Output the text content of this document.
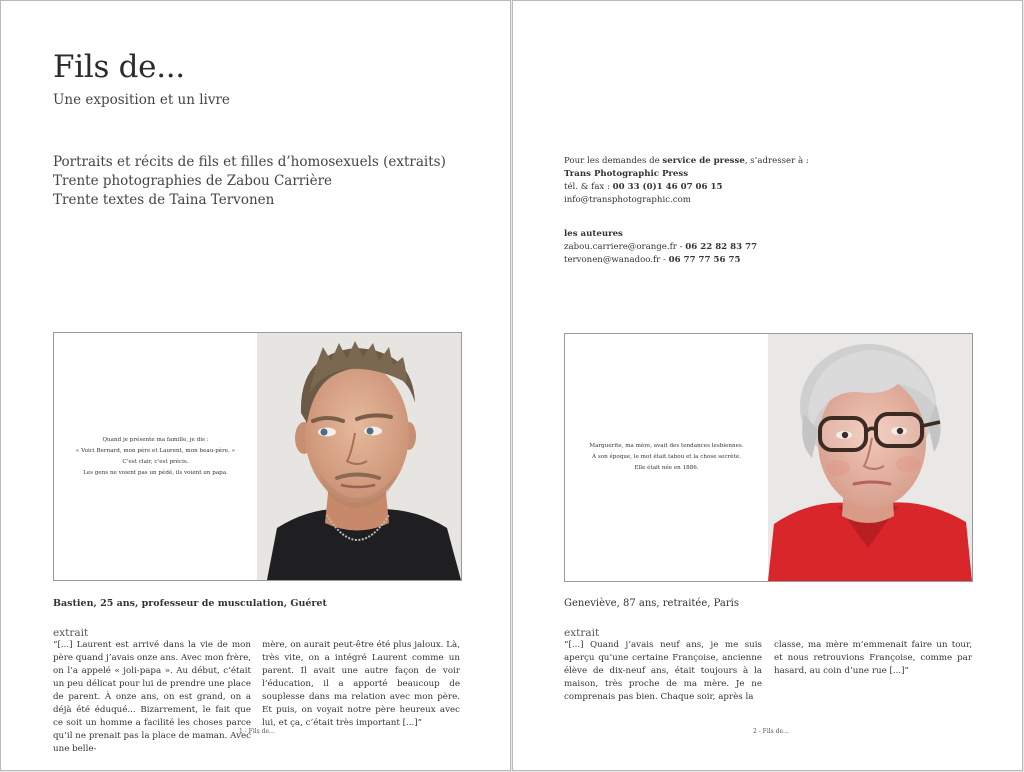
Fils de...
Une exposition et un livre
Portraits et récits de fils et filles d’homosexuels (extraits)
Trente photographies de Zabou Carrière
Trente textes de Taina Tervonen
Quand je présente ma famille, je dis :
« Voici Bernard, mon père et Laurent, mon beau-père. »
C’est clair, c’est précis.
Les gens ne voient pas un pédé, ils voient un papa.
Bastien, 25 ans, professeur de musculation, Guéret
extrait
“[...] Laurent est arrivé dans la vie de mon père quand j’avais onze ans. Avec mon frère, on l’a appelé « joli-papa ». Au début, c’était un peu délicat pour lui de prendre une place de parent. À onze ans, on est grand, on a déjà été éduqué... Bizarrement, le fait que ce soit un homme a facilité les choses parce qu’il ne prenait pas la place de maman. Avec une belle-
mère, on aurait peut-être été plus jaloux. Là, très vite, on a intégré Laurent comme un parent. Il avait une autre façon de voir l’éducation, il a apporté beaucoup de souplesse dans ma relation avec mon père. Et puis, on voyait notre père heureux avec lui, et ça, c’était très important [...]”
1 - Fils de...
Pour les demandes de service de presse, s’adresser à :
Trans Photographic Press
tél. & fax : 00 33 (0)1 46 07 06 15
info@transphotographic.com
les auteures
zabou.carriere@orange.fr - 06 22 82 83 77
tervonen@wanadoo.fr - 06 77 77 56 75
Marguerite, ma mère, avait des tendances lesbiennes.
À son époque, le mot était tabou et la chose secrète.
Elle était née en 1886.
Geneviève, 87 ans, retraitée, Paris
extrait
“[...] Quand j’avais neuf ans, je me suis aperçu qu’une certaine Françoise, ancienne élève de dix-neuf ans, était toujours à la maison, très proche de ma mère. Je ne comprenais pas bien. Chaque soir, après la
classe, ma mère m’emmenait faire un tour, et nous retrouvions Françoise, comme par hasard, au coin d’une rue [...]”
2 - Fils de...
